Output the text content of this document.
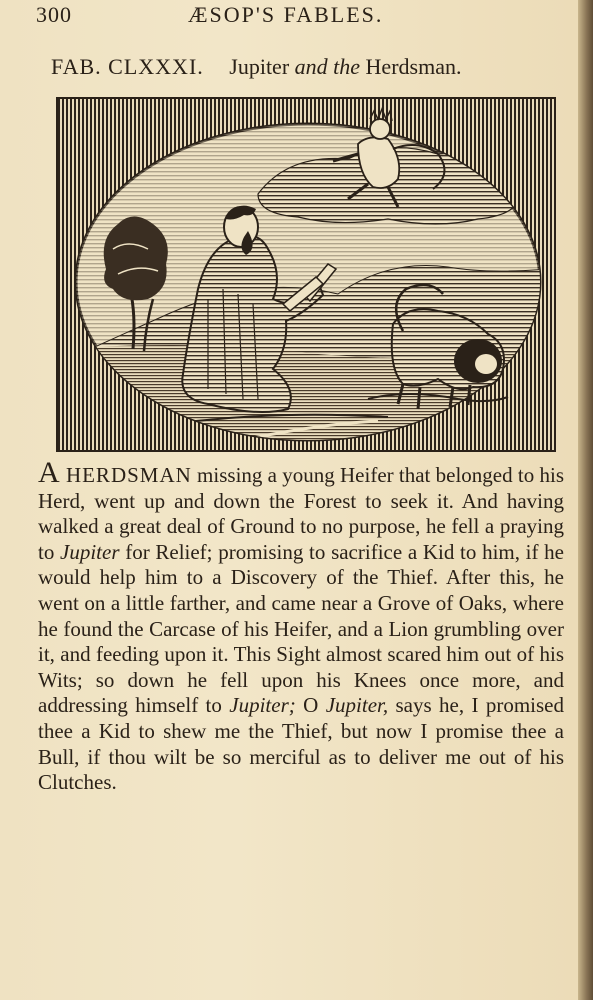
300	ÆSOP'S FABLES.
FAB. CLXXXI. Jupiter and the Herdsman.

A HERDSMAN missing a young Heifer that belonged to his Herd, went up and down the Forest to seek it. And having walked a great deal of Ground to no purpose, he fell a praying to Jupiter for Relief; promising to sacrifice a Kid to him, if he would help him to a Discovery of the Thief. After this, he went on a little farther, and came near a Grove of Oaks, where he found the Carcase of his Heifer, and a Lion grumbling over it, and feeding upon it. This Sight almost scared him out of his Wits; so down he fell upon his Knees once more, and addressing himself to Jupiter; O Jupiter, says he, I promised thee a Kid to shew me the Thief, but now I promise thee a Bull, if thou wilt be so merciful as to deliver me out of his Clutches.
